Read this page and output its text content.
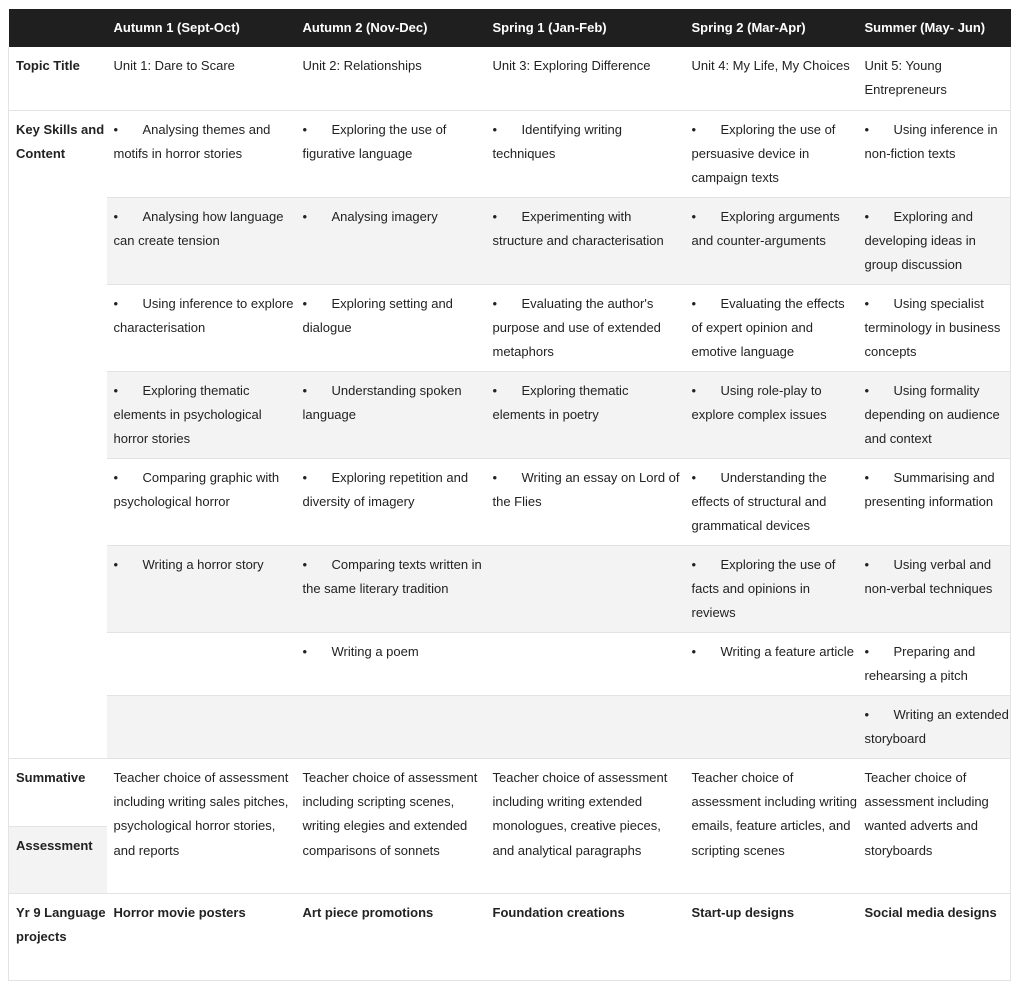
	Autumn 1 (Sept-Oct)	Autumn 2 (Nov-Dec)	Spring 1 (Jan-Feb)	Spring 2 (Mar-Apr)	Summer (May- Jun)
Topic Title	Unit 1: Dare to Scare	Unit 2: Relationships	Unit 3: Exploring Difference	Unit 4: My Life, My Choices	Unit 5: Young Entrepreneurs
Key Skills and Content	• Analysing themes and motifs in horror stories	• Exploring the use of figurative language	• Identifying writing techniques	• Exploring the use of persuasive device in campaign texts	• Using inference in non-fiction texts
	• Analysing how language can create tension	• Analysing imagery	• Experimenting with structure and characterisation	• Exploring arguments and counter-arguments	• Exploring and developing ideas in group discussion
	• Using inference to explore characterisation	• Exploring setting and dialogue	• Evaluating the author's purpose and use of extended metaphors	• Evaluating the effects of expert opinion and emotive language	• Using specialist terminology in business concepts
	• Exploring thematic elements in psychological horror stories	• Understanding spoken language	• Exploring thematic elements in poetry	• Using role-play to explore complex issues	• Using formality depending on audience and context
	• Comparing graphic with psychological horror	• Exploring repetition and diversity of imagery	• Writing an essay on Lord of the Flies	• Understanding the effects of structural and grammatical devices	• Summarising and presenting information
	• Writing a horror story	• Comparing texts written in the same literary tradition		• Exploring the use of facts and opinions in reviews	• Using verbal and non-verbal techniques
		• Writing a poem		• Writing a feature article	• Preparing and rehearsing a pitch
					• Writing an extended storyboard
Summative	Teacher choice of assessment including writing sales pitches, psychological horror stories, and reports	Teacher choice of assessment including scripting scenes, writing elegies and extended comparisons of sonnets	Teacher choice of assessment including writing extended monologues, creative pieces, and analytical paragraphs	Teacher choice of assessment including writing emails, feature articles, and scripting scenes	Teacher choice of assessment including wanted adverts and storyboards
Assessment					
Yr 9 Language projects	Horror movie posters	Art piece promotions	Foundation creations	Start-up designs	Social media designs
